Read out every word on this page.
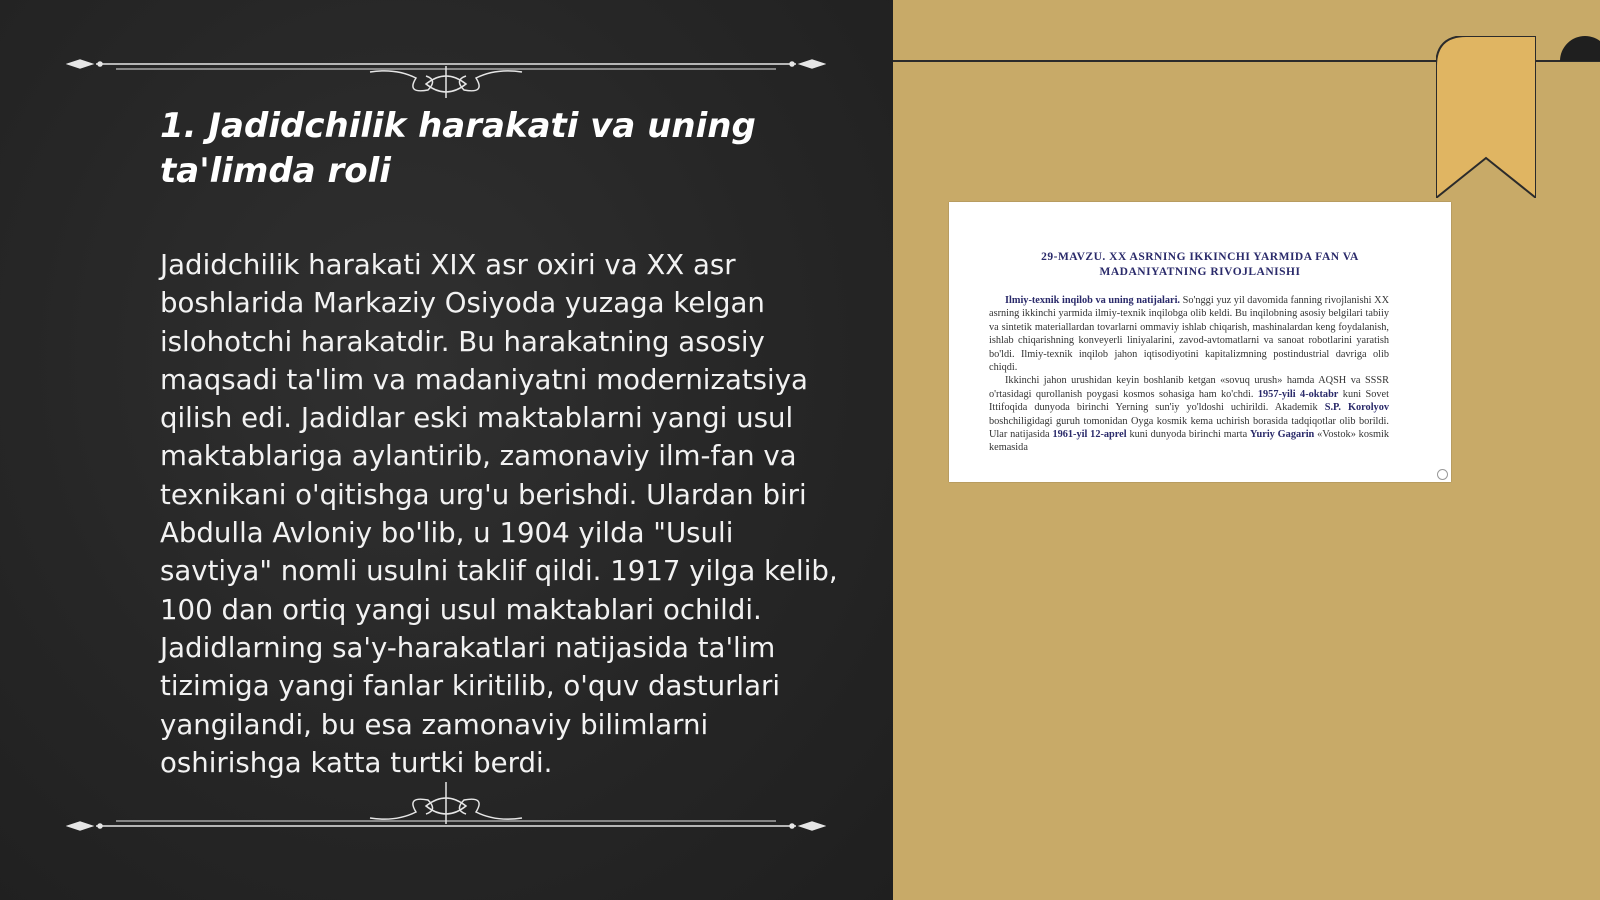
1. Jadidchilik harakati va uning
ta'limda roli

Jadidchilik harakati XIX asr oxiri va XX asr boshlarida Markaziy Osiyoda yuzaga kelgan islohotchi harakatdir. Bu harakatning asosiy maqsadi ta'lim va madaniyatni modernizatsiya qilish edi. Jadidlar eski maktablarni yangi usul maktablariga aylantirib, zamonaviy ilm-fan va texnikani o'qitishga urg'u berishdi. Ulardan biri Abdulla Avloniy bo'lib, u 1904 yilda "Usuli savtiya" nomli usulni taklif qildi. 1917 yilga kelib, 100 dan ortiq yangi usul maktablari ochildi. Jadidlarning sa'y-harakatlari natijasida ta'lim tizimiga yangi fanlar kiritilib, o'quv dasturlari yangilandi, bu esa zamonaviy bilimlarni oshirishga katta turtki berdi.

29-MAVZU. XX ASRNING IKKINCHI YARMIDA FAN VA
MADANIYATNING RIVOJLANISHI
Ilmiy-texnik inqilob va uning natijalari. So'nggi yuz yil davomida fanning rivojlanishi XX asrning ikkinchi yarmida ilmiy-texnik inqilobga olib keldi. Bu inqilobning asosiy belgilari tabiiy va sintetik materiallardan tovarlarni ommaviy ishlab chiqarish, mashinalardan keng foydalanish, ishlab chiqarishning konveyerli liniyalarini, zavod-avtomatlarni va sanoat robotlarini yaratish bo'ldi. Ilmiy-texnik inqilob jahon iqtisodiyotini kapitalizmning postindustrial davriga olib chiqdi.
Ikkinchi jahon urushidan keyin boshlanib ketgan «sovuq urush» hamda AQSH va SSSR o'rtasidagi qurollanish poygasi kosmos sohasiga ham ko'chdi. 1957-yili 4-oktabr kuni Sovet Ittifoqida dunyoda birinchi Yerning sun'iy yo'ldoshi uchirildi. Akademik S.P. Korolyov boshchiligidagi guruh tomonidan Oyga kosmik kema uchirish borasida tadqiqotlar olib borildi. Ular natijasida 1961-yil 12-aprel kuni dunyoda birinchi marta Yuriy Gagarin «Vostok» kosmik kemasida
